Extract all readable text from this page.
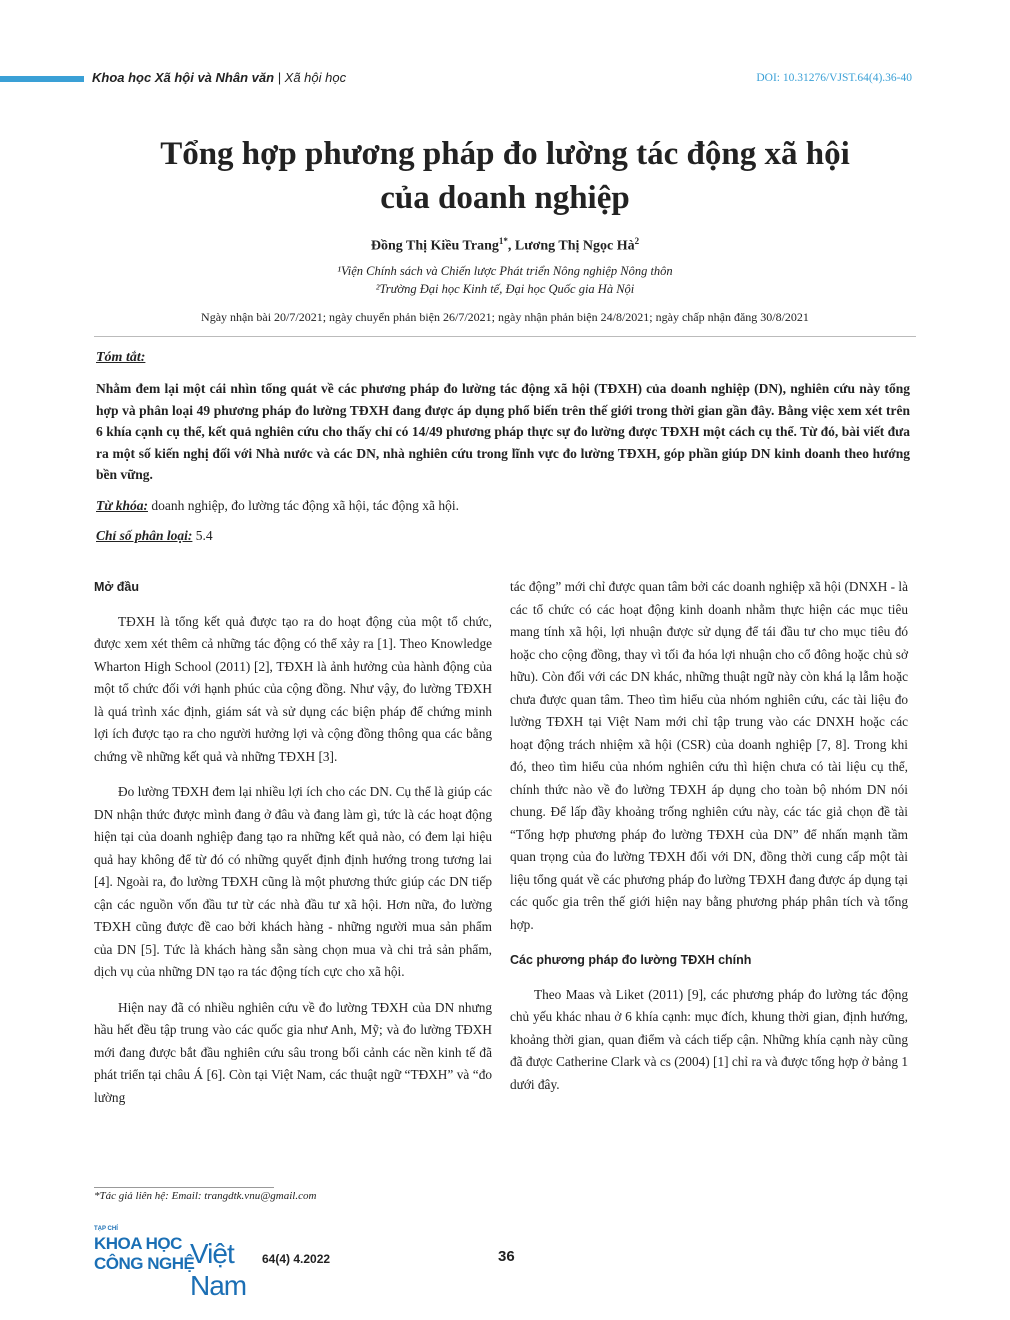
Khoa học Xã hội và Nhân văn | Xã hội học	DOI: 10.31276/VJST.64(4).36-40
Tổng hợp phương pháp đo lường tác động xã hội
của doanh nghiệp
Đồng Thị Kiều Trang$^{1*}$, Lương Thị Ngọc $Hà^2$
¹Viện Chính sách và Chiến lược Phát triển Nông nghiệp Nông thôn
²Trường Đại học Kinh tế, Đại học Quốc gia Hà Nội
Ngày nhận bài 20/7/2021; ngày chuyển phản biện 26/7/2021; ngày nhận phản biện 24/8/2021; ngày chấp nhận đăng 30/8/2021
Tóm tắt:
Nhằm đem lại một cái nhìn tổng quát về các phương pháp đo lường tác động xã hội (TĐXH) của doanh nghiệp (DN), nghiên cứu này tổng hợp và phân loại 49 phương pháp đo lường TĐXH đang được áp dụng phổ biến trên thế giới trong thời gian gần đây. Bằng việc xem xét trên 6 khía cạnh cụ thể, kết quả nghiên cứu cho thấy chỉ có 14/49 phương pháp thực sự đo lường được TĐXH một cách cụ thể. Từ đó, bài viết đưa ra một số kiến nghị đối với Nhà nước và các DN, nhà nghiên cứu trong lĩnh vực đo lường TĐXH, góp phần giúp DN kinh doanh theo hướng bền vững.
Từ khóa: doanh nghiệp, đo lường tác động xã hội, tác động xã hội.
Chỉ số phân loại: 5.4
Mở đầu

TĐXH là tổng kết quả được tạo ra do hoạt động của một tổ chức, được xem xét thêm cả những tác động có thể xảy ra [1]. Theo Knowledge Wharton High School (2011) [2], TĐXH là ảnh hưởng của hành động của một tổ chức đối với hạnh phúc của cộng đồng. Như vậy, đo lường TĐXH là quá trình xác định, giám sát và sử dụng các biện pháp để chứng minh lợi ích được tạo ra cho người hưởng lợi và cộng đồng thông qua các bằng chứng về những kết quả và những TĐXH [3].

Đo lường TĐXH đem lại nhiều lợi ích cho các DN. Cụ thể là giúp các DN nhận thức được mình đang ở đâu và đang làm gì, tức là các hoạt động hiện tại của doanh nghiệp đang tạo ra những kết quả nào, có đem lại hiệu quả hay không để từ đó có những quyết định định hướng trong tương lai [4]. Ngoài ra, đo lường TĐXH cũng là một phương thức giúp các DN tiếp cận các nguồn vốn đầu tư từ các nhà đầu tư xã hội. Hơn nữa, đo lường TĐXH cũng được đề cao bởi khách hàng - những người mua sản phẩm của DN [5]. Tức là khách hàng sẵn sàng chọn mua và chi trả sản phẩm, dịch vụ của những DN tạo ra tác động tích cực cho xã hội.

Hiện nay đã có nhiều nghiên cứu về đo lường TĐXH của DN nhưng hầu hết đều tập trung vào các quốc gia như Anh, Mỹ; và đo lường TĐXH mới đang được bắt đầu nghiên cứu sâu trong bối cảnh các nền kinh tế đã phát triển tại châu Á [6]. Còn tại Việt Nam, các thuật ngữ “TĐXH” và “đo lường

tác động” mới chỉ được quan tâm bởi các doanh nghiệp xã hội (DNXH - là các tổ chức có các hoạt động kinh doanh nhằm thực hiện các mục tiêu mang tính xã hội, lợi nhuận được sử dụng để tái đầu tư cho mục tiêu đó hoặc cho cộng đồng, thay vì tối đa hóa lợi nhuận cho cổ đông hoặc chủ sở hữu). Còn đối với các DN khác, những thuật ngữ này còn khá lạ lẫm hoặc chưa được quan tâm. Theo tìm hiểu của nhóm nghiên cứu, các tài liệu đo lường TĐXH tại Việt Nam mới chỉ tập trung vào các DNXH hoặc các hoạt động trách nhiệm xã hội (CSR) của doanh nghiệp [7, 8]. Trong khi đó, theo tìm hiểu của nhóm nghiên cứu thì hiện chưa có tài liệu cụ thể, chính thức nào về đo lường TĐXH áp dụng cho toàn bộ nhóm DN nói chung. Để lấp đầy khoảng trống nghiên cứu này, các tác giả chọn đề tài “Tổng hợp phương pháp đo lường TĐXH của DN” để nhấn mạnh tầm quan trọng của đo lường TĐXH đối với DN, đồng thời cung cấp một tài liệu tổng quát về các phương pháp đo lường TĐXH đang được áp dụng tại các quốc gia trên thế giới hiện nay bằng phương pháp phân tích và tổng hợp.

Các phương pháp đo lường TĐXH chính

Theo Maas và Liket (2011) [9], các phương pháp đo lường tác động chủ yếu khác nhau ở 6 khía cạnh: mục đích, khung thời gian, định hướng, khoảng thời gian, quan điểm và cách tiếp cận. Những khía cạnh này cũng đã được Catherine Clark và cs (2004) [1] chỉ ra và được tổng hợp ở bảng 1 dưới đây.

*Tác giả liên hệ: Email: trangdtk.vnu@gmail.com
TẠP CHÍ
KHOA HỌC
CÔNG NGHỆ
Việt Nam
64(4) 4.2022	36
